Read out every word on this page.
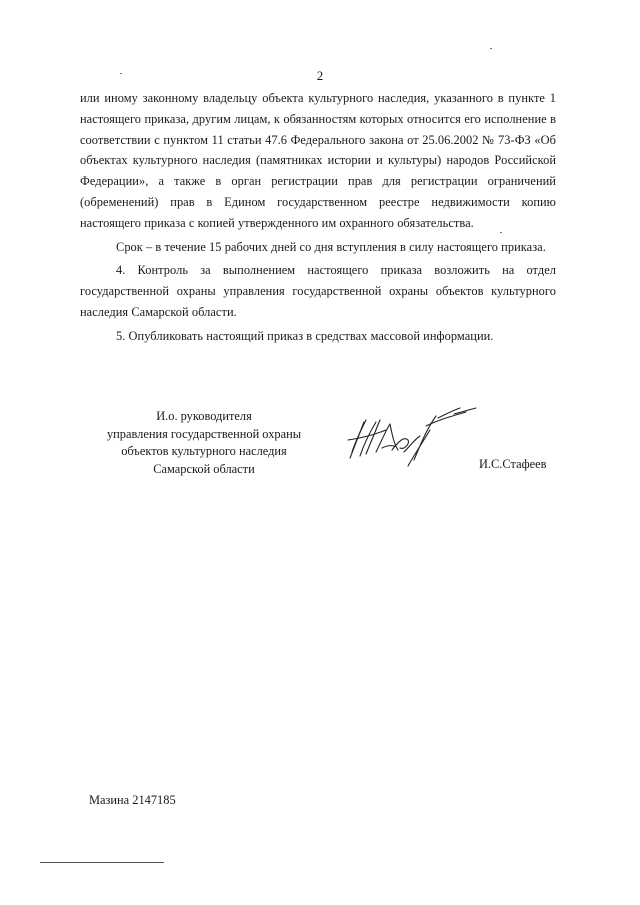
2

или иному законному владельцу объекта культурного наследия, указанного в пункте 1 настоящего приказа, другим лицам, к обязанностям которых относится его исполнение в соответствии с пунктом 11 статьи 47.6 Федерального закона от 25.06.2002 № 73-ФЗ «Об объектах культурного наследия (памятниках истории и культуры) народов Российской Федерации», а также в орган регистрации прав для регистрации ограничений (обременений) прав в Едином государственном реестре недвижимости копию настоящего приказа с копией утвержденного им охранного обязательства.

Срок – в течение 15 рабочих дней со дня вступления в силу настоящего приказа.

4. Контроль за выполнением настоящего приказа возложить на отдел государственной охраны управления государственной охраны объектов культурного наследия Самарской области.

5. Опубликовать настоящий приказ в средствах массовой информации.

И.о. руководителя
управления государственной охраны
объектов культурного наследия
Самарской области	И.С.Стафеев
Мазина 2147185
